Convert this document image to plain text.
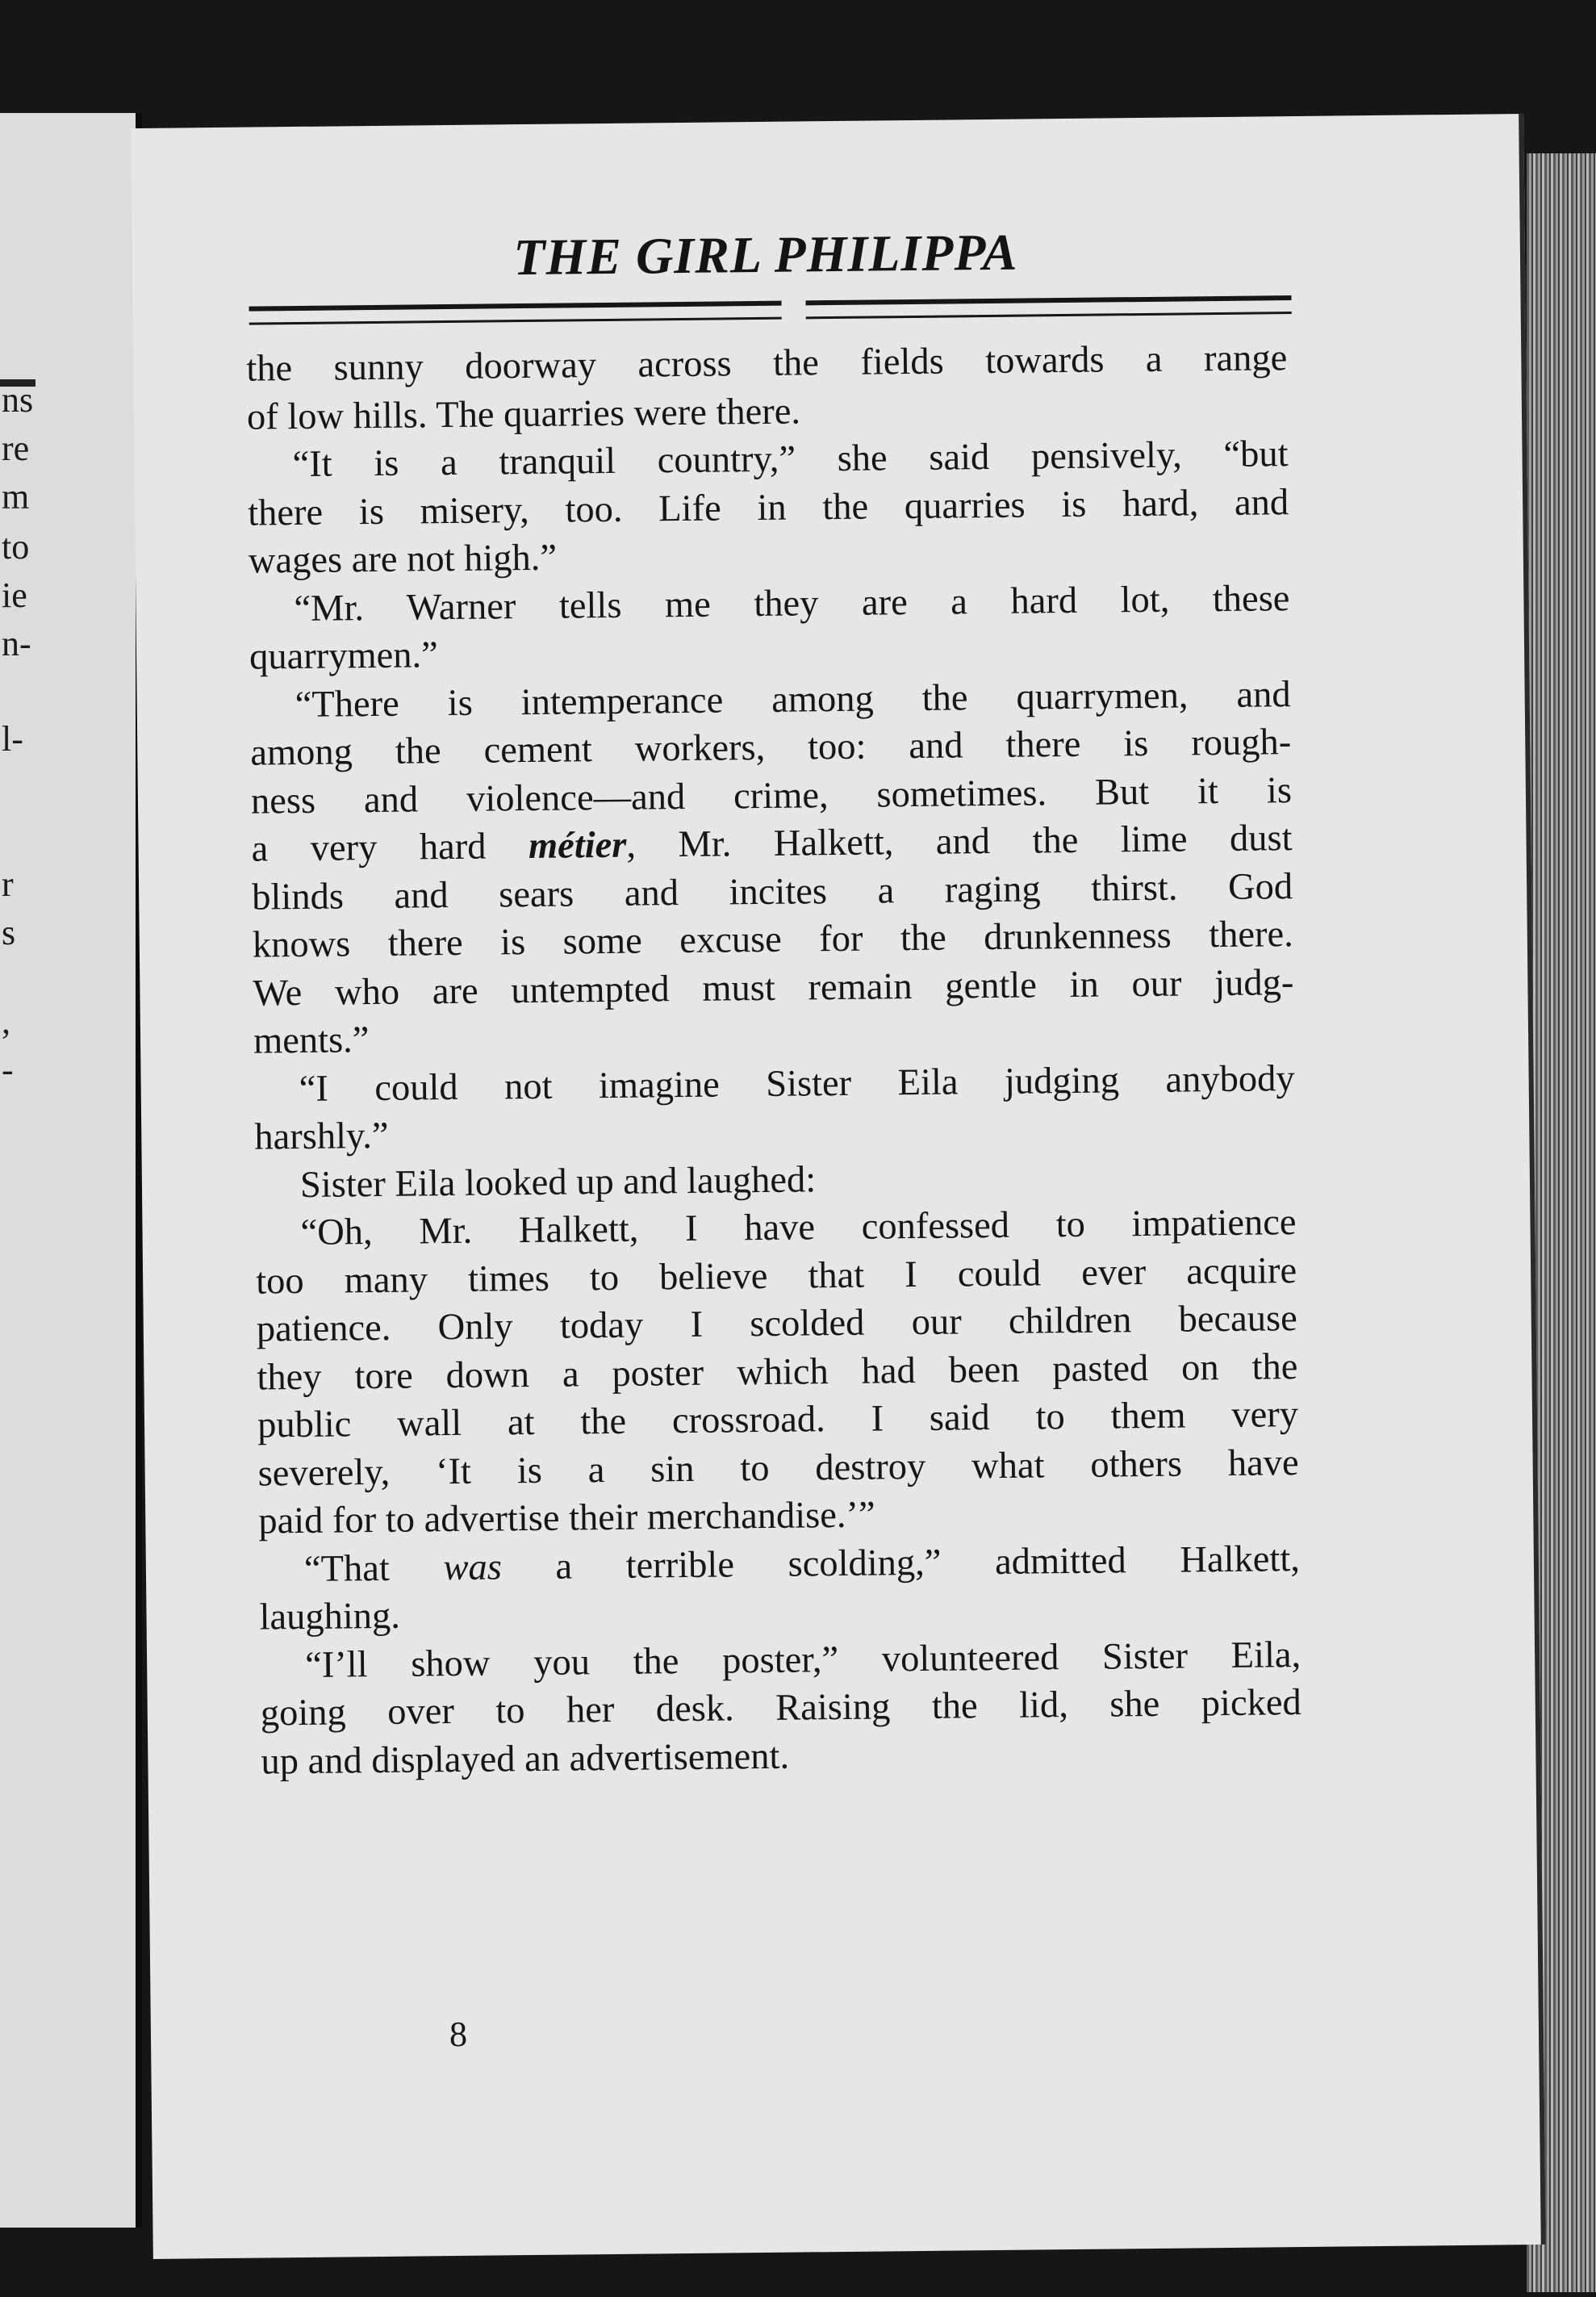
ns
re
m
to
ie
n-
l-
r
s
,
-
THE GIRL PHILIPPA
the sunny doorway across the fields towards a range
of low hills. The quarries were there.
“It is a tranquil country,” she said pensively, “but
there is misery, too. Life in the quarries is hard, and
wages are not high.”
“Mr. Warner tells me they are a hard lot, these
quarrymen.”
“There is intemperance among the quarrymen, and
among the cement workers, too: and there is rough-
ness and violence—and crime, sometimes. But it is
a very hard métier, Mr. Halkett, and the lime dust
blinds and sears and incites a raging thirst. God
knows there is some excuse for the drunkenness there.
We who are untempted must remain gentle in our judg-
ments.”
“I could not imagine Sister Eila judging anybody
harshly.”
Sister Eila looked up and laughed:
“Oh, Mr. Halkett, I have confessed to impatience
too many times to believe that I could ever acquire
patience. Only today I scolded our children because
they tore down a poster which had been pasted on the
public wall at the crossroad. I said to them very
severely, ‘It is a sin to destroy what others have
paid for to advertise their merchandise.’”
“That was a terrible scolding,” admitted Halkett,
laughing.
“I’ll show you the poster,” volunteered Sister Eila,
going over to her desk. Raising the lid, she picked
up and displayed an advertisement.
8
